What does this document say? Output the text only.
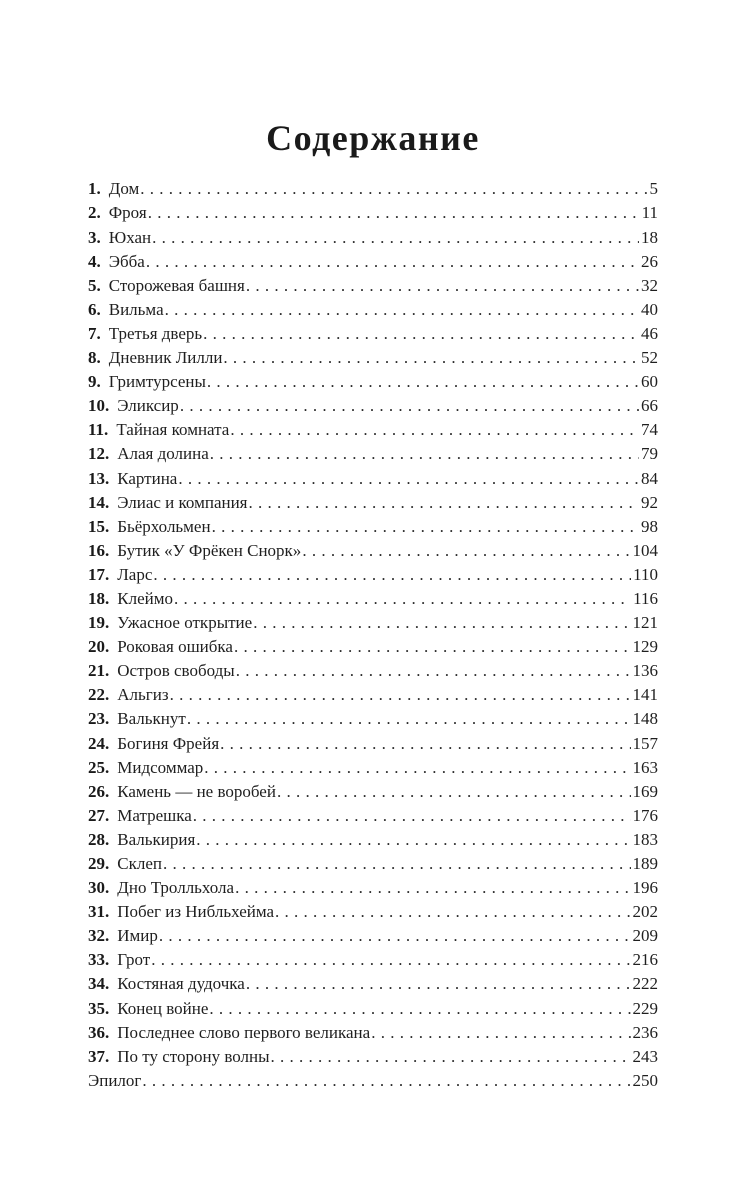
Содержание
1. Дом . . .	5
2. Фроя . . .	11
3. Юхан . . .	18
4. Эбба . . .	26
5. Сторожевая башня . . .	32
6. Вильма . . .	40
7. Третья дверь . . .	46
8. Дневник Лилли . . .	52
9. Гримтурсены . . .	60
10. Эликсир . . .	66
11. Тайная комната . . .	74
12. Алая долина . . .	79
13. Картина . . .	84
14. Элиас и компания . . .	92
15. Бьёрхольмен . . .	98
16. Бутик «У Фрёкен Снорк» . . .	104
17. Ларс . . .	110
18. Клеймо . . .	116
19. Ужасное открытие . . .	121
20. Роковая ошибка . . .	129
21. Остров свободы . . .	136
22. Альгиз . . .	141
23. Валькнут . . .	148
24. Богиня Фрейя . . .	157
25. Мидсоммар . . .	163
26. Камень — не воробей . . .	169
27. Матрешка . . .	176
28. Валькирия . . .	183
29. Склеп . . .	189
30. Дно Тролльхола . . .	196
31. Побег из Нибльхейма . . .	202
32. Имир . . .	209
33. Грот . . .	216
34. Костяная дудочка . . .	222
35. Конец войне . . .	229
36. Последнее слово первого великана . . .	236
37. По ту сторону волны . . .	243
Эпилог . . .	250
